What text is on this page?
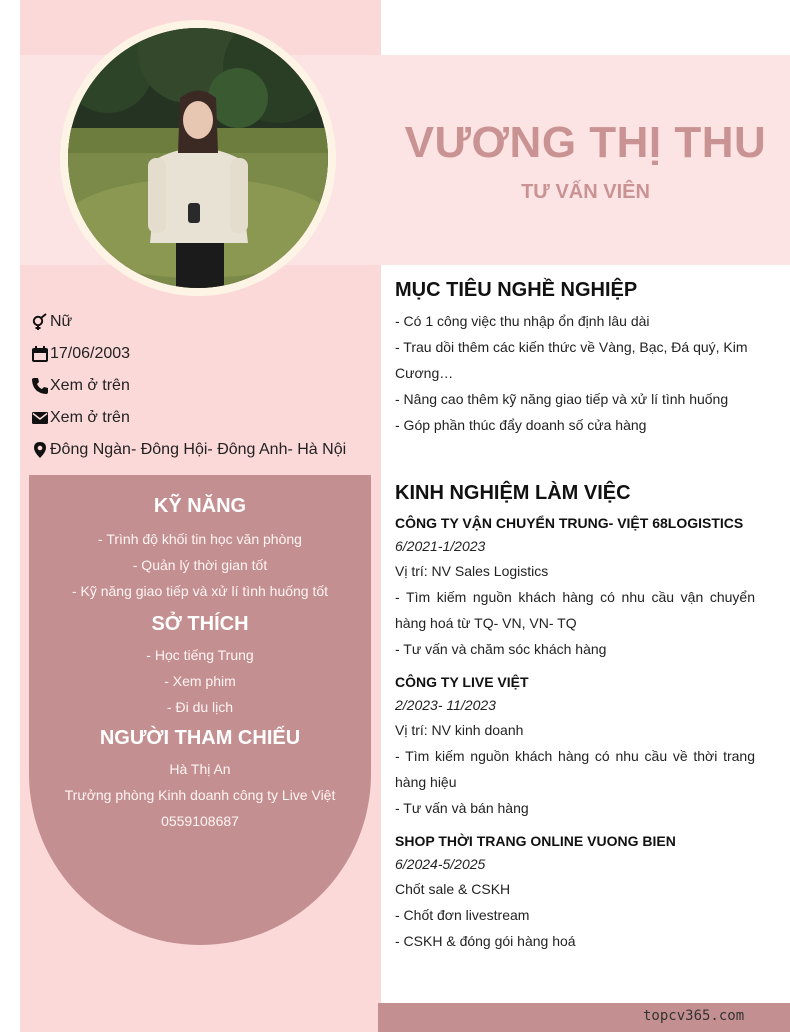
VƯƠNG THỊ THU
TƯ VẤN VIÊN
Nữ
17/06/2003
Xem ở trên
Xem ở trên
Đông Ngàn- Đông Hội- Đông Anh- Hà Nội
KỸ NĂNG

- Trình độ khối tin học văn phòng

- Quản lý thời gian tốt

- Kỹ năng giao tiếp và xử lí tình huống tốt

SỞ THÍCH

- Học tiếng Trung

- Xem phim

- Đi du lịch

NGƯỜI THAM CHIẾU

Hà Thị An

Trưởng phòng Kinh doanh công ty Live Việt

0559108687

MỤC TIÊU NGHỀ NGHIỆP
- Có 1 công việc thu nhập ổn định lâu dài
- Trau dồi thêm các kiến thức về Vàng, Bạc, Đá quý, Kim Cương…
- Nâng cao thêm kỹ năng giao tiếp và xử lí tình huống
- Góp phần thúc đẩy doanh số cửa hàng
KINH NGHIỆM LÀM VIỆC
CÔNG TY VẬN CHUYỂN TRUNG- VIỆT 68LOGISTICS
6/2021-1/2023
Vị trí: NV Sales Logistics
- Tìm kiếm nguồn khách hàng có nhu cầu vận chuyển hàng hoá từ TQ- VN, VN- TQ
- Tư vấn và chăm sóc khách hàng
CÔNG TY LIVE VIỆT
2/2023- 11/2023
Vị trí: NV kinh doanh
- Tìm kiếm nguồn khách hàng có nhu cầu về thời trang hàng hiệu
- Tư vấn và bán hàng
SHOP THỜI TRANG ONLINE VUONG BIEN
6/2024-5/2025
Chốt sale & CSKH
- Chốt đơn livestream
- CSKH & đóng gói hàng hoá
topcv365.com
